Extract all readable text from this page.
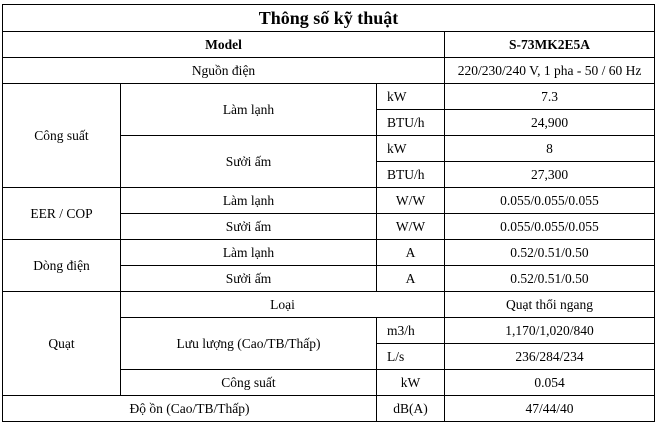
Thông số kỹ thuật			
Model			S-73MK2E5A
Nguồn điện			220/230/240 V, 1 pha - 50 / 60 Hz
Công suất	Làm lạnh	kW	7.3
		BTU/h	24,900
	Sưởi ấm	kW	8
		BTU/h	27,300
EER / COP	Làm lạnh	W/W	0.055/0.055/0.055
	Sưởi ấm	W/W	0.055/0.055/0.055
Dòng điện	Làm lạnh	A	0.52/0.51/0.50
	Sưởi ấm	A	0.52/0.51/0.50
Quạt	Loại		Quạt thổi ngang
	Lưu lượng (Cao/TB/Thấp)	m3/h	1,170/1,020/840
		L/s	236/284/234
	Công suất	kW	0.054
Độ ồn (Cao/TB/Thấp)		dB(A)	47/44/40
